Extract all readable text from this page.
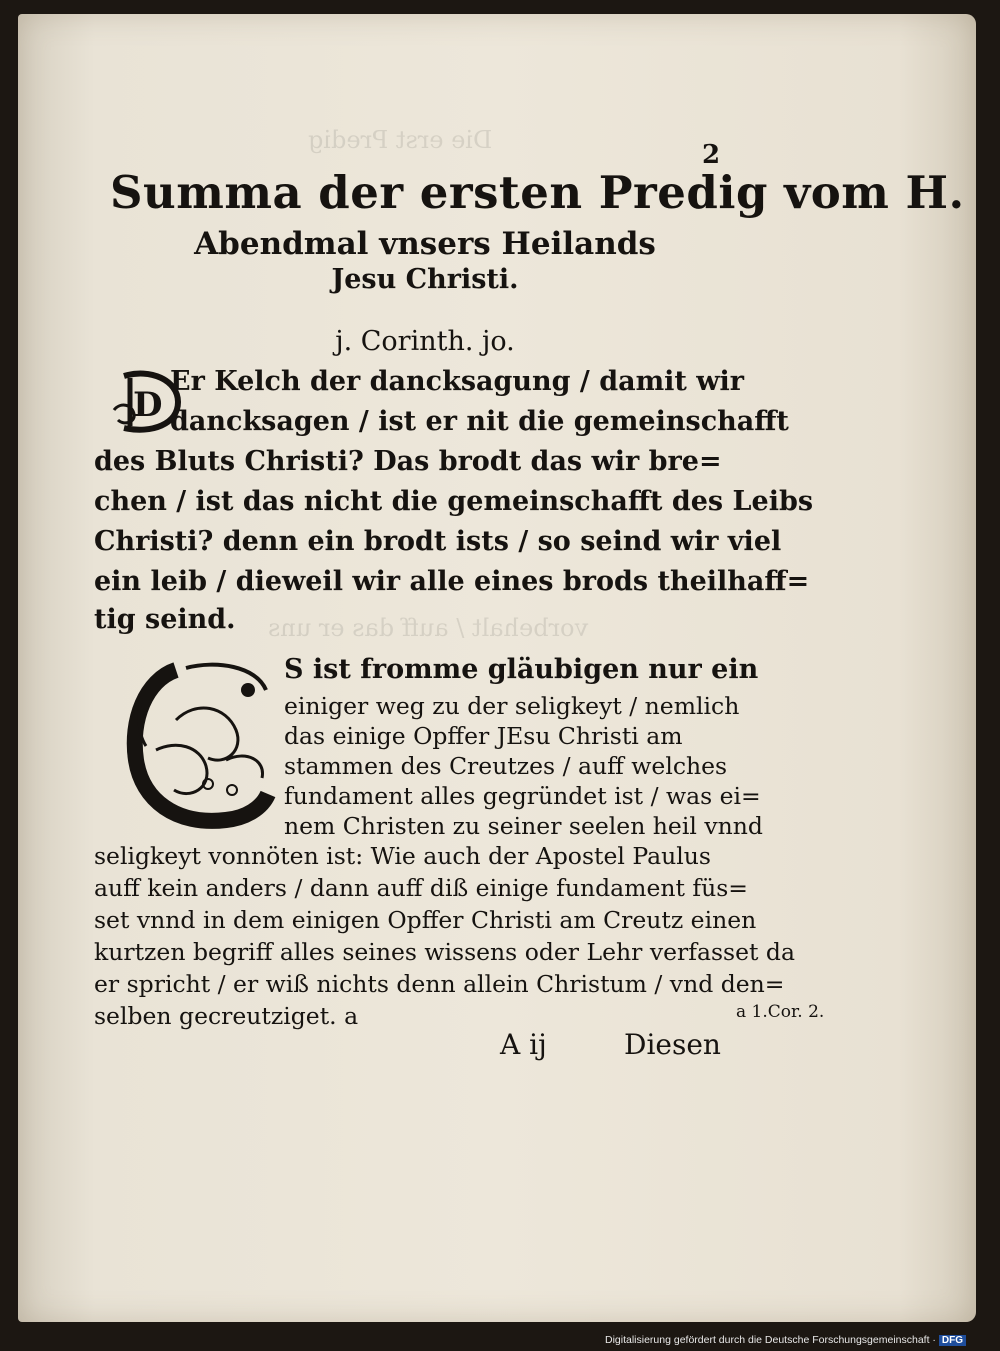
Die erst Predig
vorbehalt / auff das er uns
2
Summa der ersten Predig vom H.
Abendmal vnsers Heilands
Jesu Christi.
j. Corinth. jo.
D
Er Kelch der dancksagung / damit wir
dancksagen / ist er nit die gemeinschafft
des Bluts Christi? Das brodt das wir bre=
chen / ist das nicht die gemeinschafft des Leibs
Christi? denn ein brodt ists / so seind wir viel
ein leib / dieweil wir alle eines brods theilhaff=
tig seind.
S ist fromme gläubigen nur ein
einiger weg zu der seligkeyt / nemlich
das einige Opffer JEsu Christi am
stammen des Creutzes / auff welches
fundament alles gegründet ist / was ei=
nem Christen zu seiner seelen heil vnnd
seligkeyt vonnöten ist: Wie auch der Apostel Paulus
auff kein anders / dann auff diß einige fundament füs=
set vnnd in dem einigen Opffer Christi am Creutz einen
kurtzen begriff alles seines wissens oder Lehr verfasset da
er spricht / er wiß nichts denn allein Christum / vnd den=
selben gecreutziget. a	a 1.Cor. 2.
A ij	Diesen
Digitalisierung gefördert durch die Deutsche Forschungsgemeinschaft · DFG
